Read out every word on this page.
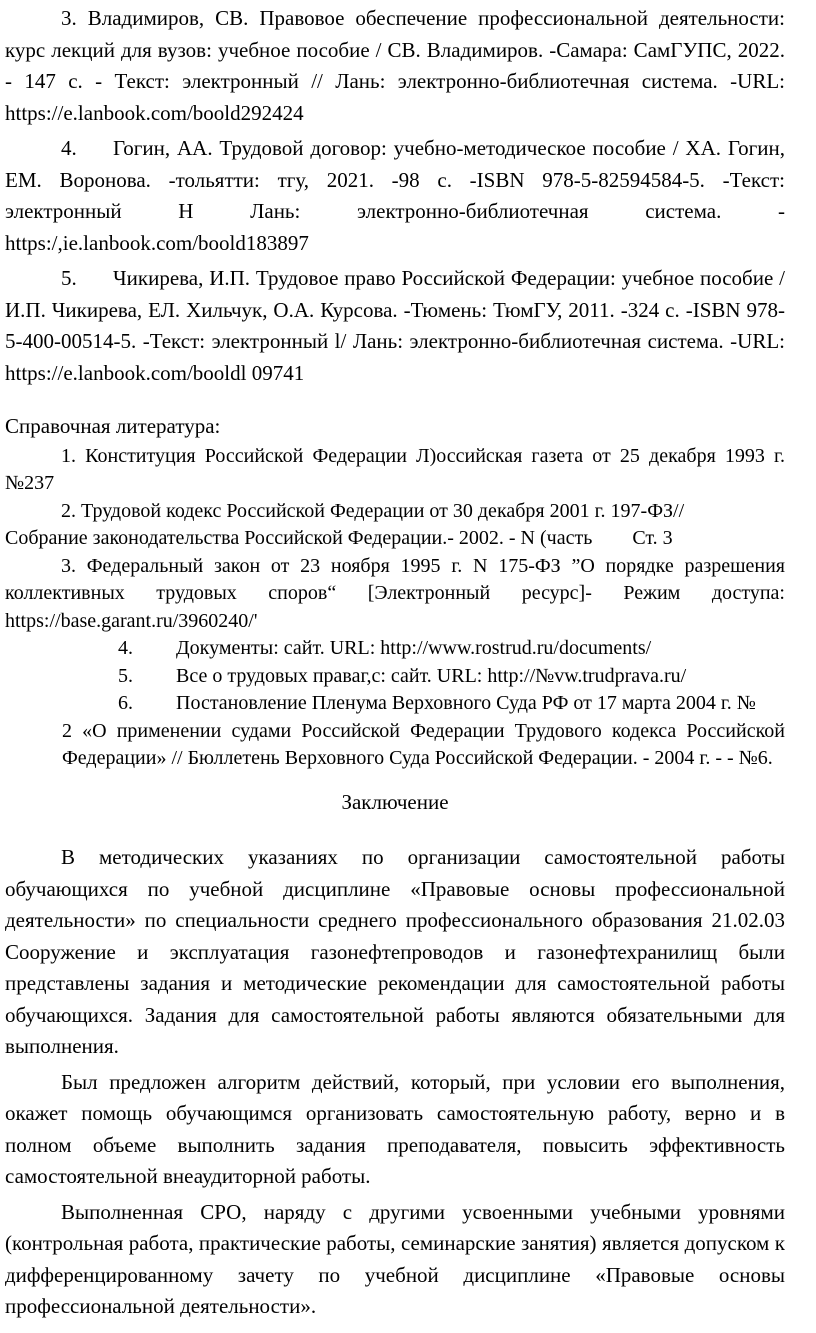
3. Владимиров, СВ. Правовое обеспечение профессиональной деятельности: курс лекций для вузов: учебное пособие / СВ. Владимиров. -Самара: СамГУПС, 2022. - 147 с. - Текст: электронный // Лань: электронно-библиотечная система. -URL: https://e.lanbook.com/boold292424
4. Гогин, АА. Трудовой договор: учебно-методическое пособие / ХА. Гогин, ЕМ. Воронова. -тольятти: тгу, 2021. -98 с. -ISBN 978-5-82594584-5. -Текст: электронный Н Лань: электронно-библиотечная система. - https:/,ie.lanbook.com/boold183897
5. Чикирева, И.П. Трудовое право Российской Федерации: учебное пособие / И.П. Чикирева, ЕЛ. Хильчук, О.А. Курсова. -Тюмень: ТюмГУ, 2011. -324 с. -ISBN 978-5-400-00514-5. -Текст: электронный l/ Лань: электронно-библиотечная система. -URL: https://e.lanbook.com/booldl 09741
Справочная литература:
1. Конституция Российской Федерации Л)оссийская газета от 25 декабря 1993 г. №237
2. Трудовой кодекс Российской Федерации от 30 декабря 2001 г. 197-ФЗ//
Собрание законодательства Российской Федерации.- 2002. - N (часть        Ст. 3
3. Федеральный закон от 23 ноября 1995 г. N 175-ФЗ ”О порядке разрешения коллективных трудовых споров“ [Электронный ресурс]- Режим доступа: https://base.garant.ru/3960240/'
4. Документы: сайт. URL: http://www.rostrud.ru/documents/
5. Все о трудовых праваг,с: сайт. URL: http://№vw.trudprava.ru/
6. Постановление Пленума Верховного Суда РФ от 17 марта 2004 г. №
2 «О применении судами Российской Федерации Трудового кодекса Российской Федерации» // Бюллетень Верховного Суда Российской Федерации. - 2004 г. - - №6.
Заключение
В методических указаниях по организации самостоятельной работы обучающихся по учебной дисциплине «Правовые основы профессиональной деятельности» по специальности среднего профессионального образования 21.02.03 Сооружение и эксплуатация газонефтепроводов и газонефтехранилищ были представлены задания и методические рекомендации для самостоятельной работы обучающихся. Задания для самостоятельной работы являются обязательными для выполнения.
Был предложен алгоритм действий, который, при условии его выполнения, окажет помощь обучающимся организовать самостоятельную работу, верно и в полном объеме выполнить задания преподавателя, повысить эффективность самостоятельной внеаудиторной работы.
Выполненная СРО, наряду с другими усвоенными учебными уровнями (контрольная работа, практические работы, семинарские занятия) является допуском к дифференцированному зачету по учебной дисциплине «Правовые основы профессиональной деятельности».
